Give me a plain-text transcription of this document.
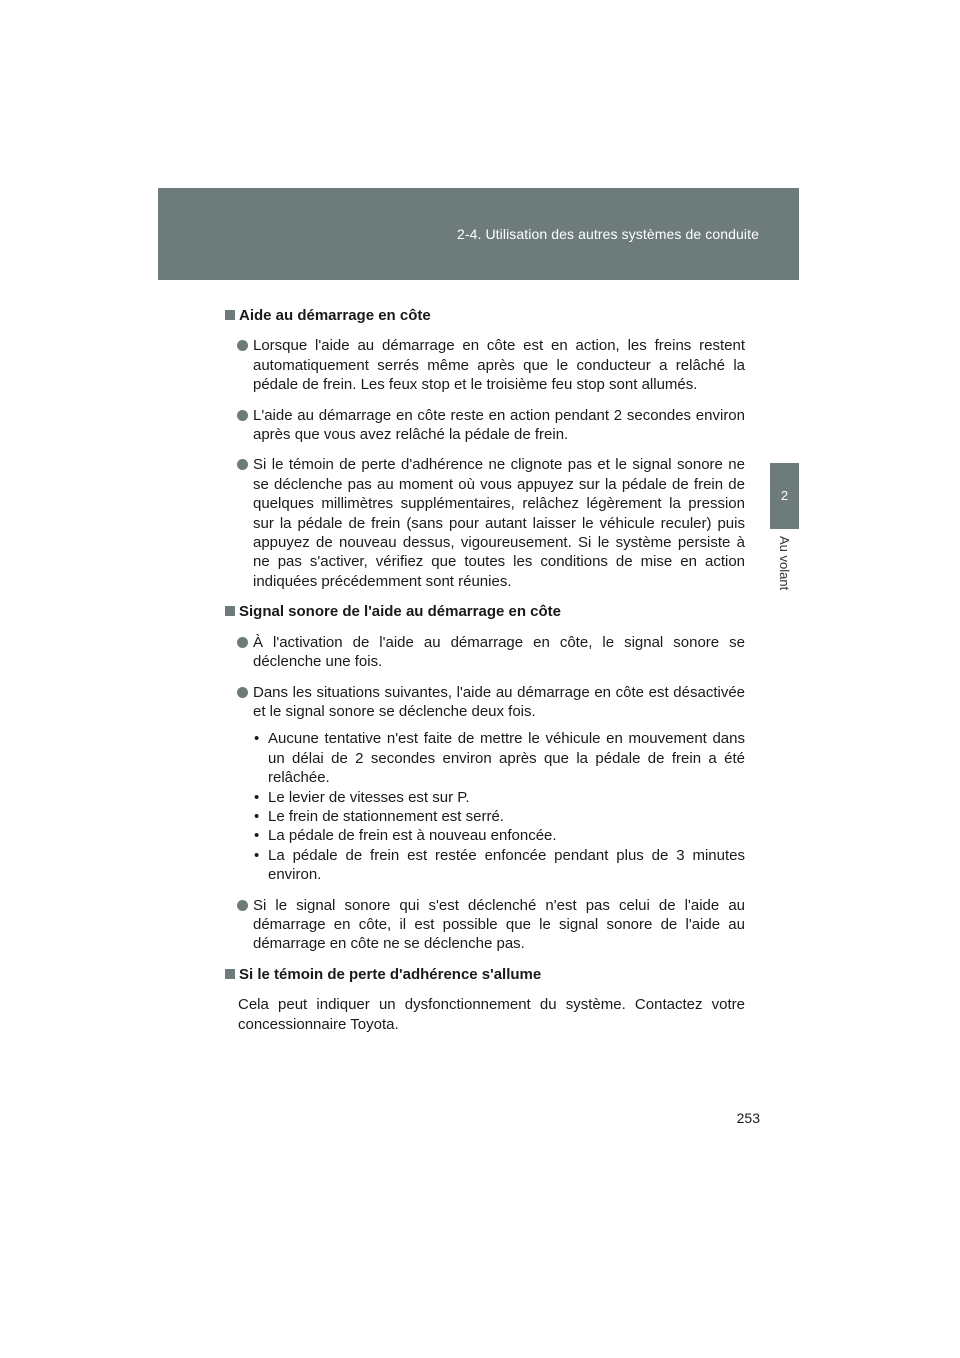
2-4. Utilisation des autres systèmes de conduite
2
Au volant
Aide au démarrage en côte
Lorsque l'aide au démarrage en côte est en action, les freins restent automatiquement serrés même après que le conducteur a relâché la pédale de frein. Les feux stop et le troisième feu stop sont allumés.
L'aide au démarrage en côte reste en action pendant 2 secondes environ après que vous avez relâché la pédale de frein.
Si le témoin de perte d'adhérence ne clignote pas et le signal sonore ne se déclenche pas au moment où vous appuyez sur la pédale de frein de quelques millimètres supplémentaires, relâchez légèrement la pression sur la pédale de frein (sans pour autant laisser le véhicule reculer) puis appuyez de nouveau dessus, vigoureusement. Si le système persiste à ne pas s'activer, vérifiez que toutes les conditions de mise en action indiquées précédemment sont réunies.
Signal sonore de l'aide au démarrage en côte
À l'activation de l'aide au démarrage en côte, le signal sonore se déclenche une fois.
Dans les situations suivantes, l'aide au démarrage en côte est désactivée et le signal sonore se déclenche deux fois.
• Aucune tentative n'est faite de mettre le véhicule en mouvement dans un délai de 2 secondes environ après que la pédale de frein a été relâchée.
• Le levier de vitesses est sur P.
• Le frein de stationnement est serré.
• La pédale de frein est à nouveau enfoncée.
• La pédale de frein est restée enfoncée pendant plus de 3 minutes environ.
Si le signal sonore qui s'est déclenché n'est pas celui de l'aide au démarrage en côte, il est possible que le signal sonore de l'aide au démarrage en côte ne se déclenche pas.
Si le témoin de perte d'adhérence s'allume
Cela peut indiquer un dysfonctionnement du système. Contactez votre concessionnaire Toyota.
253
